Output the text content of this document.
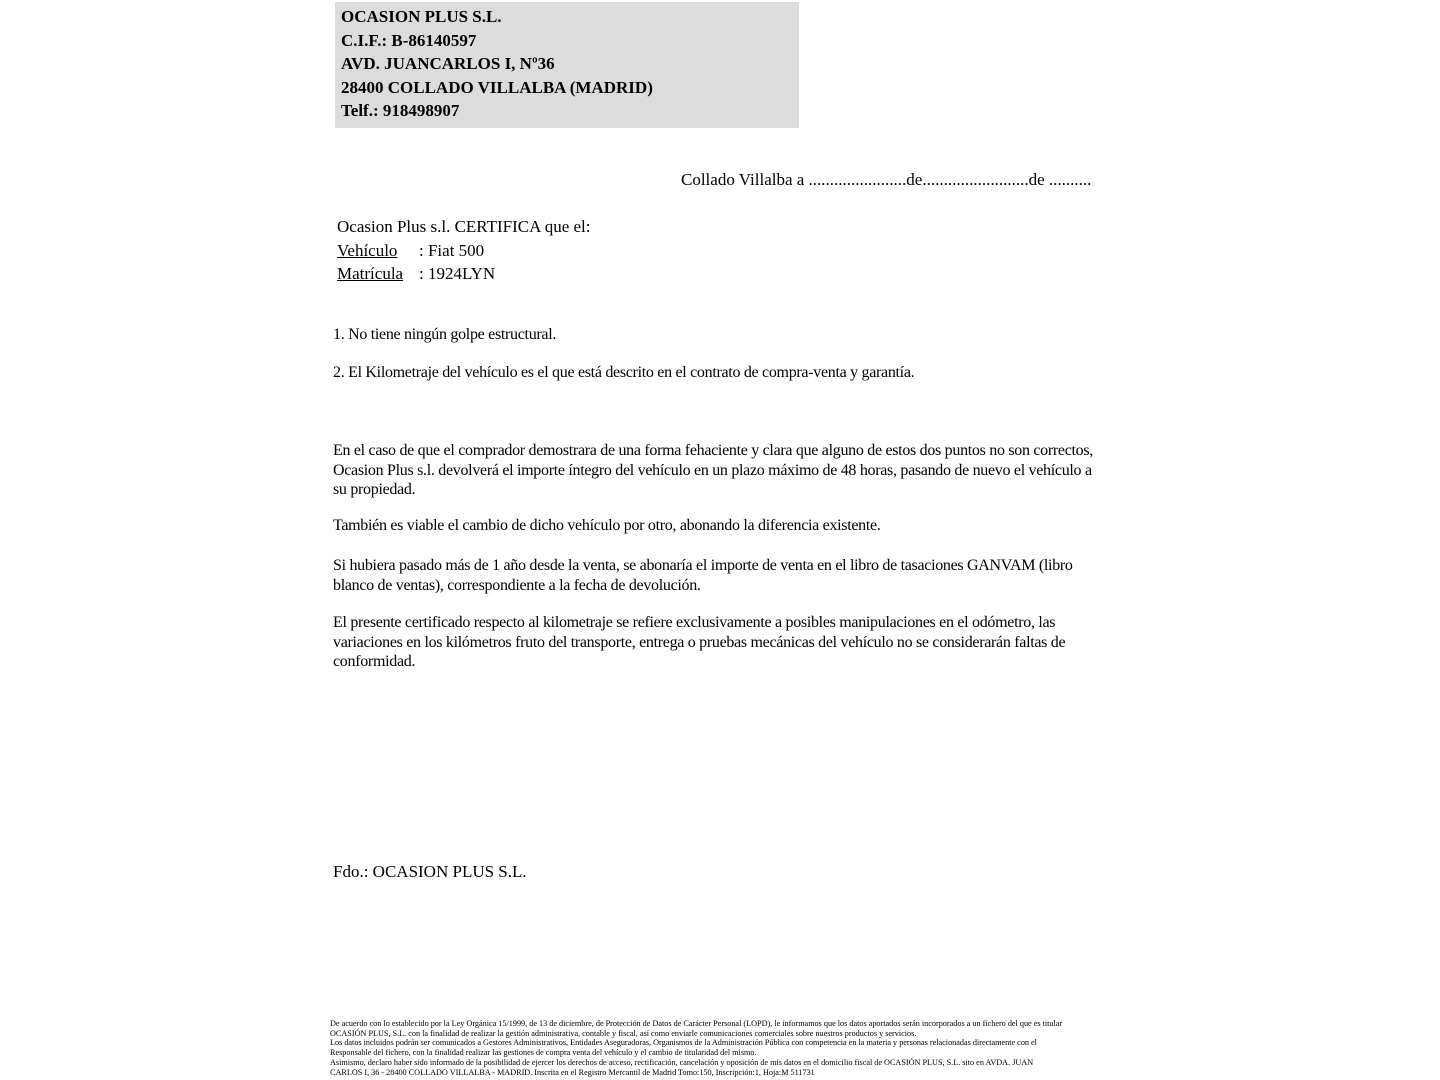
OCASION PLUS S.L.
C.I.F.: B-86140597
AVD. JUANCARLOS I, Nº36
28400 COLLADO VILLALBA (MADRID)
Telf.: 918498907
Collado Villalba a .......................de.........................de ..........
Ocasion Plus s.l. CERTIFICA que el:
Vehículo	: Fiat 500
Matrícula : 1924LYN
1. No tiene ningún golpe estructural.
2. El Kilometraje del vehículo es el que está descrito en el contrato de compra-venta y garantía.
En el caso de que el comprador demostrara de una forma fehaciente y clara que alguno de estos dos puntos no son correctos, Ocasion Plus s.l. devolverá el importe íntegro del vehículo en un plazo máximo de 48 horas, pasando de nuevo el vehículo a su propiedad.
También es viable el cambio de dicho vehículo por otro, abonando la diferencia existente.
Si hubiera pasado más de 1 año desde la venta, se abonaría el importe de venta en el libro de tasaciones GANVAM (libro blanco de ventas), correspondiente a la fecha de devolución.
El presente certificado respecto al kilometraje se refiere exclusivamente a posibles manipulaciones en el odómetro, las variaciones en los kilómetros fruto del transporte, entrega o pruebas mecánicas del vehículo no se considerarán faltas de conformidad.
Fdo.: OCASION PLUS S.L.
De acuerdo con lo establecido por la Ley Orgánica 15/1999, de 13 de diciembre, de Protección de Datos de Carácter Personal (LOPD), le informamos que los datos aportados serán incorporados a un fichero del que es titular
OCASIÓN PLUS, S.L. con la finalidad de realizar la gestión administrativa, contable y fiscal, así como enviarle comunicaciones comerciales sobre nuestros productos y servicios.
Los datos incluidos podrán ser comunicados a Gestores Administrativos, Entidades Aseguradoras, Organismos de la Administración Pública con competencia en la materia y personas relacionadas directamente con el
Responsable del fichero, con la finalidad realizar las gestiones de compra venta del vehículo y el cambio de titularidad del mismo.
Asimismo, declaro haber sido informado de la posibilidad de ejercer los derechos de acceso, rectificación, cancelación y oposición de mis datos en el domicilio fiscal de OCASIÓN PLUS, S.L. sito en AVDA. JUAN
CARLOS I, 36 - 28400 COLLADO VILLALBA - MADRID. Inscrita en el Registro Mercantil de Madrid Tomo:150, Inscripción:1, Hoja:M 511731
